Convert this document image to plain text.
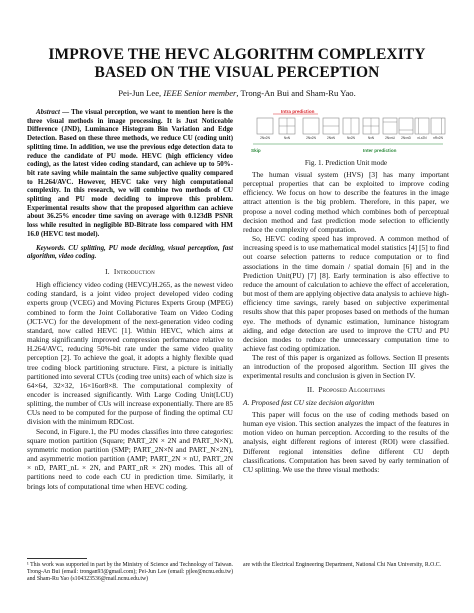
IMPROVE THE HEVC ALGORITHM COMPLEXITY
BASED ON THE VISUAL PERCEPTION
Pei-Jun Lee, IEEE Senior member, Trong-An Bui and Sham-Ru Yao.
Abstract — The visual perception, we want to mention here is the three visual methods in image processing. It is Just Noticeable Difference (JND), Luminance Histogram Bin Variation and Edge Detection. Based on these three methods, we reduce CU (coding unit) splitting time. In addition, we use the previous edge detection data to reduce the candidate of PU mode. HEVC (high efficiency video coding), as the latest video coding standard, can achieve up to 50%-bit rate saving while maintain the same subjective quality compared to H.264/AVC. However, HEVC take very high computational complexity. In this research, we will combine two methods of CU splitting and PU mode deciding to improve this problem. Experimental results show that the proposed algorithm can achieve about 36.25% encoder time saving on average with 0.123dB PSNR loss while resulted in negligible BD-Bitrate loss compared with HM 16.0 (HEVC test model).
Keywords. CU splitting, PU mode deciding, visual perception, fast algorithm, video coding.
I. Introduction

High efficiency video coding (HEVC)/H.265, as the newest video coding standard, is a joint video project developed video coding experts group (VCEG) and Moving Pictures Experts Group (MPEG) combined to form the Joint Collaborative Team on Video Coding (JCT-VC) for the development of the next-generation video coding standard, now called HEVC [1]. Within HEVC, which aims at making significantly improved compression performance relative to H.264/AVC, reducing 50%-bit rate under the same video quality perception [2]. To achieve the goal, it adopts a highly flexible quad tree coding block partitioning structure. First, a picture is initially partitioned into several CTUs (coding tree units) each of which size is 64×64, 32×32, 16×16or8×8. The computational complexity of encoder is increased significantly. With Large Coding Unit(LCU) splitting, the number of CUs will increase exponentially. There are 85 CUs need to be computed for the purpose of finding the optimal CU division with the minimum RDCost.

Second, in Figure.1, the PU modes classifies into three categories: square motion partition (Square; PART_2N × 2N and PART_N×N), symmetric motion partition (SMP; PART_2N×N and PART_N×2N), and asymmetric motion partition (AMP; PART_2N × nU, PART_2N × nD, PART_nL × 2N, and PART_nR × 2N) modes. This all of partitions need to code each CU in prediction time. Similarly, it brings lots of computational time when HEVC coding.

Intra prediction
2Nx2N	NxN	2Nx2N	2NxN	Nx2N	NxN	2NxnU 2NxnD nLx2N nRx2N
Skip	Inter prediction
Fig. 1. Prediction Unit mode

The human visual system (HVS) [3] has many important perceptual properties that can be exploited to improve coding efficiency. We focus on how to describe the features in the image attract attention is the big problem. Therefore, in this paper, we propose a novel coding method which combines both of perceptual decision method and fast prediction mode selection to efficiently reduce the complexity of computation.

So, HEVC coding speed has improved. A common method of increasing speed is to use mathematical model statistics [4] [5] to find out coarse selection patterns to reduce computation or to find associations in the time domain / spatial domain [6] and in the Prediction Unit(PU) [7] [8]. Early termination is also effective to reduce the amount of calculation to achieve the effect of acceleration, but most of them are applying objective data analysis to achieve high-efficiency time savings, rarely based on subjective experimental results show that this paper proposes based on methods of the human eye. The methods of dynamic estimation, luminance histogram aiding, and edge detection are used to improve the CTU and PU decision modes to reduce the unnecessary computation time to achieve fast coding optimization.

The rest of this paper is organized as follows. Section II presents an introduction of the proposed algorithm. Section III gives the experimental results and conclusion is given in Section IV.

II. Proposed Algorithms
A. Proposed fast CU size decision algorithm

This paper will focus on the use of coding methods based on human eye vision. This section analyzes the impact of the features in motion video on human perception. According to the results of the analysis, eight different regions of interest (ROI) were classified. Different regional intensities define different CU depth classifications. Computation has been saved by early termination of CU splitting. We use the three visual methods:

¹ This work was supported in part by the Ministry of Science and Technology of Taiwan. Trong-An Bui (email: trongan93@gmail.com); Pei-Jun Lee (email: pjlee@ncnu.edu.tw) and Sham-Ru Yao (s104323536@mail.ncnu.edu.tw)
are with the Electrical Engineering Department, National Chi Nan University, R.O.C.
